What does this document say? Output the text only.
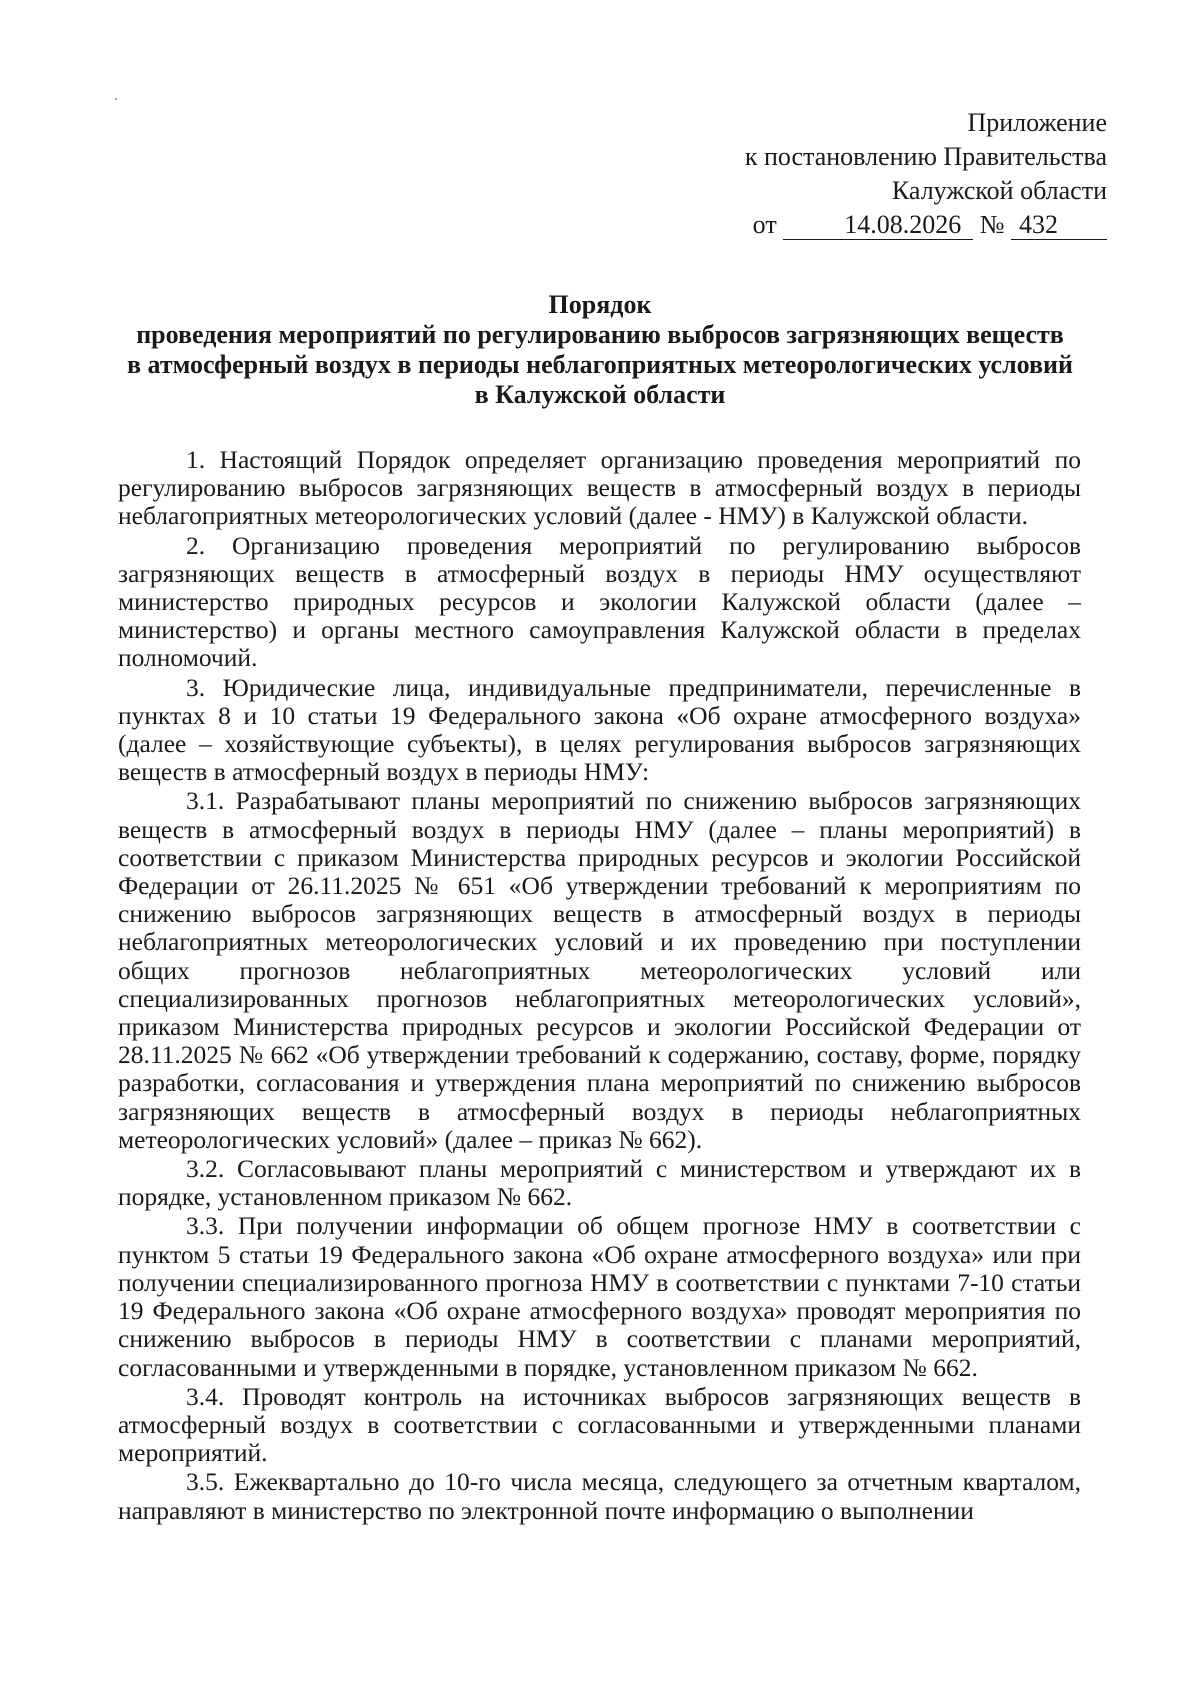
Приложение
к постановлению Правительства
Калужской области
от	14.08.2026 № 432
Порядок
проведения мероприятий по регулированию выбросов загрязняющих веществ
в атмосферный воздух в периоды неблагоприятных метеорологических условий
в Калужской области

1. Настоящий Порядок определяет организацию проведения мероприятий по регулированию выбросов загрязняющих веществ в атмосферный воздух в периоды неблагоприятных метеорологических условий (далее - НМУ) в Калужской области.

2. Организацию проведения мероприятий по регулированию выбросов загрязняющих веществ в атмосферный воздух в периоды НМУ осуществляют министерство природных ресурсов и экологии Калужской области (далее – министерство) и органы местного самоуправления Калужской области в пределах полномочий.

3. Юридические лица, индивидуальные предприниматели, перечисленные в пунктах 8 и 10 статьи 19 Федерального закона «Об охране атмосферного воздуха» (далее – хозяйствующие субъекты), в целях регулирования выбросов загрязняющих веществ в атмосферный воздух в периоды НМУ:

3.1. Разрабатывают планы мероприятий по снижению выбросов загрязняющих веществ в атмосферный воздух в периоды НМУ (далее – планы мероприятий) в соответствии с приказом Министерства природных ресурсов и экологии Российской Федерации от 26.11.2025 № 651 «Об утверждении требований к мероприятиям по снижению выбросов загрязняющих веществ в атмосферный воздух в периоды неблагоприятных метеорологических условий и их проведению при поступлении общих прогнозов неблагоприятных метеорологических условий или специализированных прогнозов неблагоприятных метеорологических условий», приказом Министерства природных ресурсов и экологии Российской Федерации от 28.11.2025 № 662 «Об утверждении требований к содержанию, составу, форме, порядку разработки, согласования и утверждения плана мероприятий по снижению выбросов загрязняющих веществ в атмосферный воздух в периоды неблагоприятных метеорологических условий» (далее – приказ № 662).

3.2. Согласовывают планы мероприятий с министерством и утверждают их в порядке, установленном приказом № 662.

3.3. При получении информации об общем прогнозе НМУ в соответствии с пунктом 5 статьи 19 Федерального закона «Об охране атмосферного воздуха» или при получении специализированного прогноза НМУ в соответствии с пунктами 7-10 статьи 19 Федерального закона «Об охране атмосферного воздуха» проводят мероприятия по снижению выбросов в периоды НМУ в соответствии с планами мероприятий, согласованными и утвержденными в порядке, установленном приказом № 662.

3.4. Проводят контроль на источниках выбросов загрязняющих веществ в атмосферный воздух в соответствии с согласованными и утвержденными планами мероприятий.

3.5. Ежеквартально до 10-го числа месяца, следующего за отчетным кварталом, направляют в министерство по электронной почте информацию о выполнении
